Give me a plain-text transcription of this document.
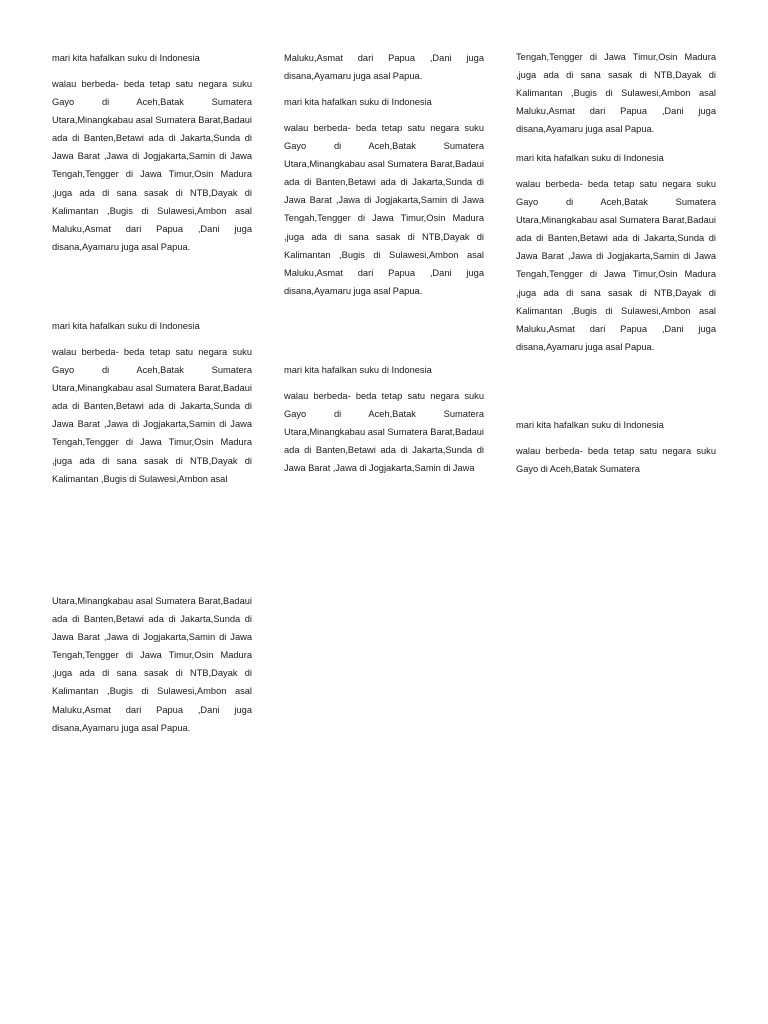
mari kita hafalkan suku di Indonesia

walau berbeda- beda tetap satu negara suku Gayo di Aceh,Batak Sumatera Utara,Minangkabau asal Sumatera Barat,Badaui ada di Banten,Betawi ada di Jakarta,Sunda di Jawa Barat ,Jawa di Jogjakarta,Samin di Jawa Tengah,Tengger di Jawa Timur,Osin Madura ,juga ada di sana sasak di NTB,Dayak di Kalimantan ,Bugis di Sulawesi,Ambon asal Maluku,Asmat dari Papua ,Dani juga disana,Ayamaru juga asal Papua.

mari kita hafalkan suku di Indonesia

walau berbeda- beda tetap satu negara suku Gayo di Aceh,Batak Sumatera Utara,Minangkabau asal Sumatera Barat,Badaui ada di Banten,Betawi ada di Jakarta,Sunda di Jawa Barat ,Jawa di Jogjakarta,Samin di Jawa Tengah,Tengger di Jawa Timur,Osin Madura ,juga ada di sana sasak di NTB,Dayak di Kalimantan ,Bugis di Sulawesi,Ambon asal

Utara,Minangkabau asal Sumatera Barat,Badaui ada di Banten,Betawi ada di Jakarta,Sunda di Jawa Barat ,Jawa di Jogjakarta,Samin di Jawa Tengah,Tengger di Jawa Timur,Osin Madura ,juga ada di sana sasak di NTB,Dayak di Kalimantan ,Bugis di Sulawesi,Ambon asal Maluku,Asmat dari Papua ,Dani juga disana,Ayamaru juga asal Papua.

Maluku,Asmat dari Papua ,Dani juga disana,Ayamaru juga asal Papua.

mari kita hafalkan suku di Indonesia

walau berbeda- beda tetap satu negara suku Gayo di Aceh,Batak Sumatera Utara,Minangkabau asal Sumatera Barat,Badaui ada di Banten,Betawi ada di Jakarta,Sunda di Jawa Barat ,Jawa di Jogjakarta,Samin di Jawa Tengah,Tengger di Jawa Timur,Osin Madura ,juga ada di sana sasak di NTB,Dayak di Kalimantan ,Bugis di Sulawesi,Ambon asal Maluku,Asmat dari Papua ,Dani juga disana,Ayamaru juga asal Papua.

mari kita hafalkan suku di Indonesia

walau berbeda- beda tetap satu negara suku Gayo di Aceh,Batak Sumatera Utara,Minangkabau asal Sumatera Barat,Badaui ada di Banten,Betawi ada di Jakarta,Sunda di Jawa Barat ,Jawa di Jogjakarta,Samin di Jawa

Tengah,Tengger di Jawa Timur,Osin Madura ,juga ada di sana sasak di NTB,Dayak di Kalimantan ,Bugis di Sulawesi,Ambon asal Maluku,Asmat dari Papua ,Dani juga disana,Ayamaru juga asal Papua.

mari kita hafalkan suku di Indonesia

walau berbeda- beda tetap satu negara suku Gayo di Aceh,Batak Sumatera Utara,Minangkabau asal Sumatera Barat,Badaui ada di Banten,Betawi ada di Jakarta,Sunda di Jawa Barat ,Jawa di Jogjakarta,Samin di Jawa Tengah,Tengger di Jawa Timur,Osin Madura ,juga ada di sana sasak di NTB,Dayak di Kalimantan ,Bugis di Sulawesi,Ambon asal Maluku,Asmat dari Papua ,Dani juga disana,Ayamaru juga asal Papua.

mari kita hafalkan suku di Indonesia

walau berbeda- beda tetap satu negara suku Gayo di Aceh,Batak Sumatera
